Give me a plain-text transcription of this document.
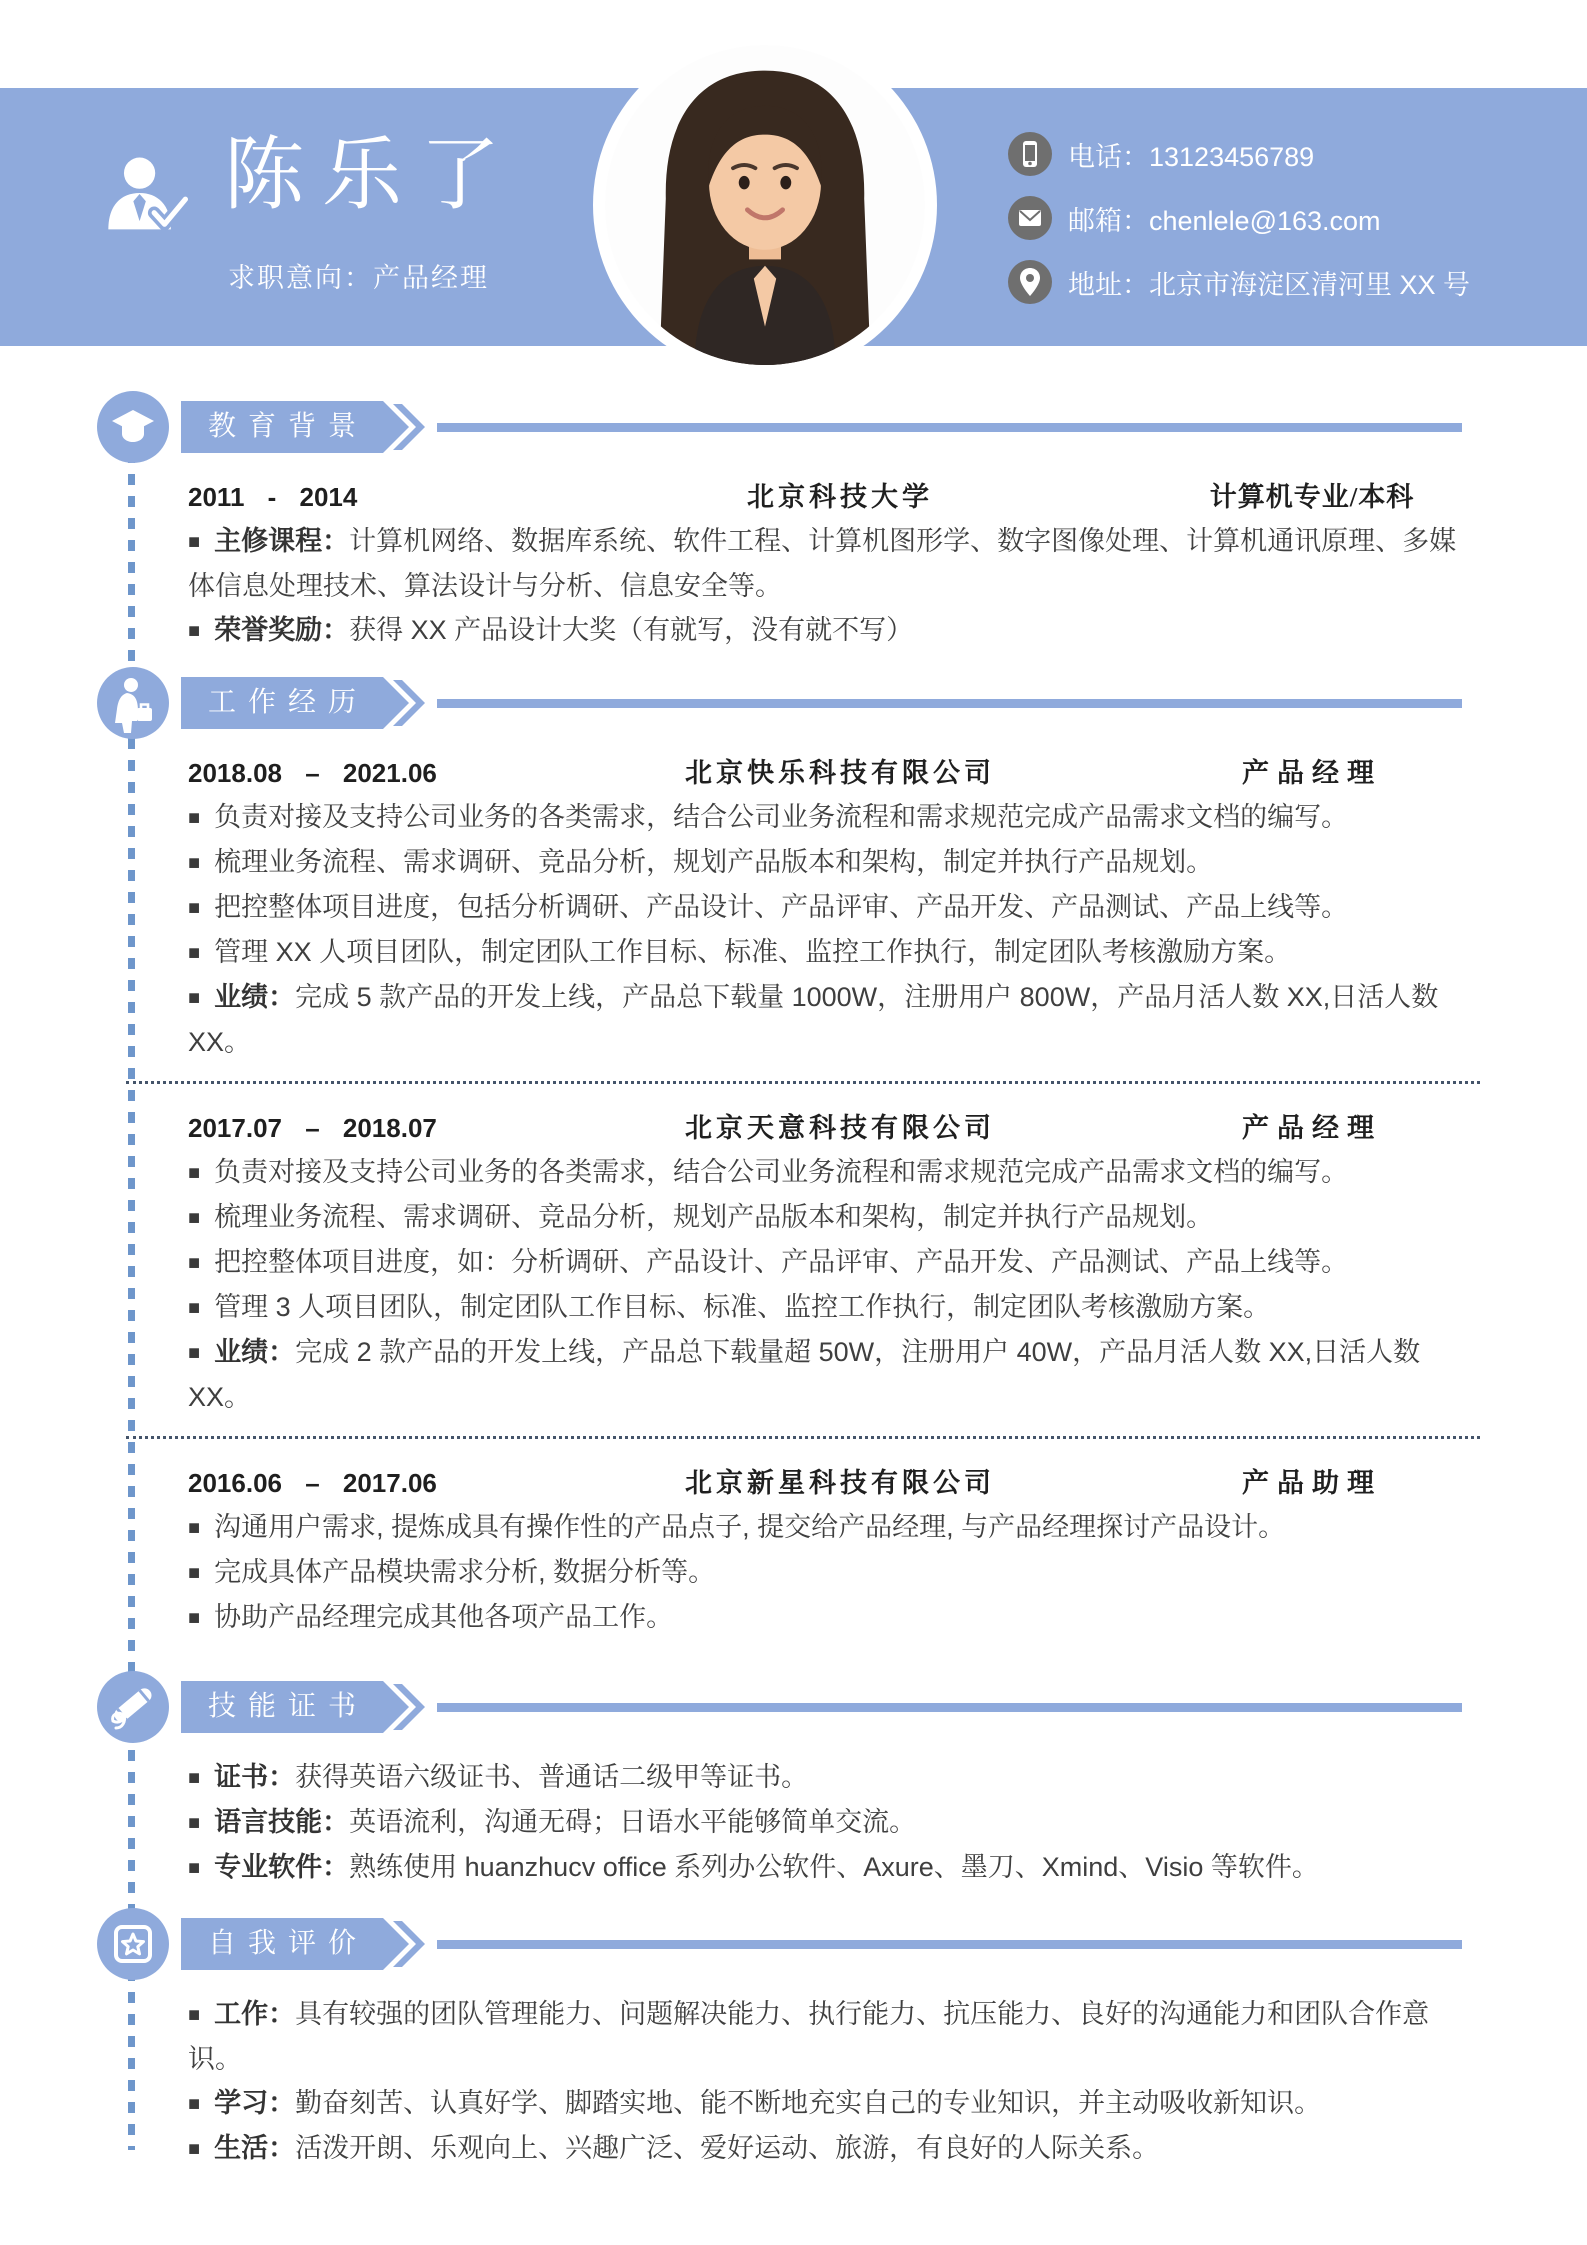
陈乐了
求职意向：产品经理
电话：13123456789
邮箱：chenlele@163.com
地址：北京市海淀区清河里 XX 号
教育背景
2011 - 2014	北京科技大学	计算机专业/本科

■ 主修课程：计算机网络、数据库系统、软件工程、计算机图形学、数字图像处理、计算机通讯原理、多媒体信息处理技术、算法设计与分析、信息安全等。

■ 荣誉奖励：获得 XX 产品设计大奖（有就写，没有就不写）

工作经历
2018.08 – 2021.06	北京快乐科技有限公司	产品经理

■ 负责对接及支持公司业务的各类需求，结合公司业务流程和需求规范完成产品需求文档的编写。

■ 梳理业务流程、需求调研、竞品分析，规划产品版本和架构，制定并执行产品规划。

■ 把控整体项目进度，包括分析调研、产品设计、产品评审、产品开发、产品测试、产品上线等。

■ 管理 XX 人项目团队，制定团队工作目标、标准、监控工作执行，制定团队考核激励方案。

■ 业绩：完成 5 款产品的开发上线，产品总下载量 1000W，注册用户 800W，产品月活人数 XX,日活人数 XX。

2017.07 – 2018.07	北京天意科技有限公司	产品经理

■ 负责对接及支持公司业务的各类需求，结合公司业务流程和需求规范完成产品需求文档的编写。

■ 梳理业务流程、需求调研、竞品分析，规划产品版本和架构，制定并执行产品规划。

■ 把控整体项目进度，如：分析调研、产品设计、产品评审、产品开发、产品测试、产品上线等。

■ 管理 3 人项目团队，制定团队工作目标、标准、监控工作执行，制定团队考核激励方案。

■ 业绩：完成 2 款产品的开发上线，产品总下载量超 50W，注册用户 40W，产品月活人数 XX,日活人数 XX。

2016.06 – 2017.06	北京新星科技有限公司	产品助理

■ 沟通用户需求, 提炼成具有操作性的产品点子, 提交给产品经理, 与产品经理探讨产品设计。

■ 完成具体产品模块需求分析, 数据分析等。

■ 协助产品经理完成其他各项产品工作。

技能证书

■ 证书：获得英语六级证书、普通话二级甲等证书。

■ 语言技能：英语流利，沟通无碍；日语水平能够简单交流。

■ 专业软件：熟练使用 huanzhucv office 系列办公软件、Axure、墨刀、Xmind、Visio 等软件。

自我评价

■ 工作：具有较强的团队管理能力、问题解决能力、执行能力、抗压能力、良好的沟通能力和团队合作意识。

■ 学习：勤奋刻苦、认真好学、脚踏实地、能不断地充实自己的专业知识，并主动吸收新知识。

■ 生活：活泼开朗、乐观向上、兴趣广泛、爱好运动、旅游，有良好的人际关系。
